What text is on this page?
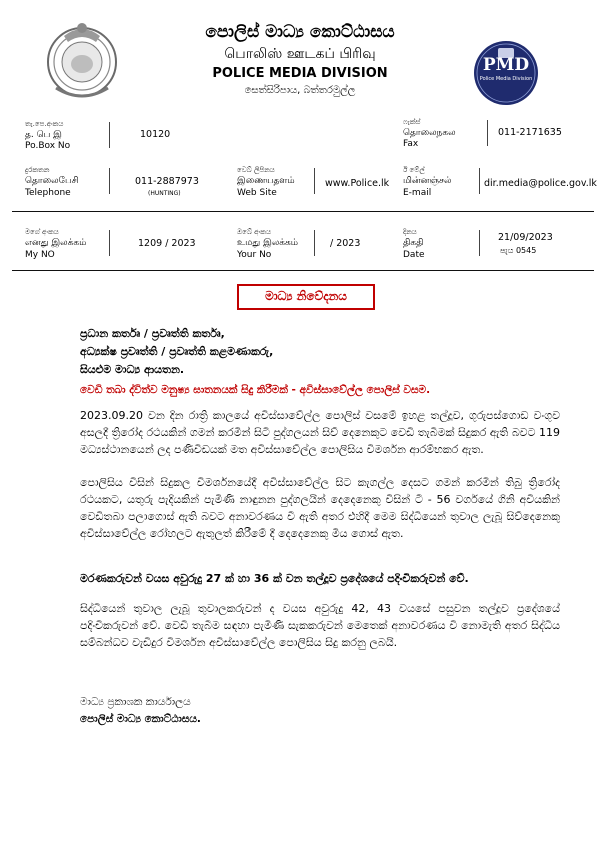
පොලිස් මාධ්‍ය කොට්ඨාසය
பொலிஸ் ஊடகப் பிரிவு
POLICE MEDIA DIVISION
සෙත්සිරිපාය, බත්තරමුල්ල
PMD
Police Media Division
තැ.පෙ.අංකය
த. பெ இ
Po.Box No
10120
ෆැක්ස්
தொலைநகல
Fax
011-2171635
දුරකතන
தொலைபேசி
Telephone
011-2887973
(HUNTING)
වෙබ් ලිපිනය
இணையதளம்
Web Site
www.Police.lk
ඊ මේල්
மின்னஞ்சல்
E-mail
dir.media@police.gov.lk
මගේ අංකය
எனது இலக்கம்
My NO
1209 / 2023
ඔබේ අංකය
உமது இலக்கம்
Your No
/ 2023
දිනය
திகதி
Date
21/09/2023
පැය 0545
මාධ්‍ය නිවේදනය
ප්‍රධාන කර්තෘ / ප්‍රවෘත්ති කර්තෘ,
අධ්‍යක්ෂ ප්‍රවෘත්ති / ප්‍රවෘත්ති කළමණාකරු,
සියළුම මාධ්‍ය ආයතන.
වෙඩි තබා ද්විත්ව මනුෂ්‍ය ඝාතනයක් සිදු කිරීමක් - අවිස්සාවේල්ල පොලිස් වසම.
2023.09.20 වන දින රාත්‍රි කාලයේ අවිස්සාවේල්ල පොලිස් වසමේ ඉහළ තල්දූව, ගුරුපස්ගොඩ වංගුව අසලදී ත්‍රිරෝද රථයකින් ගමන් කරමින් සිටි පුද්ගලයන් සිව් දෙනෙකුට වෙඩි තැබීමක් සිදුකර ඇති බවට 119 මධ්‍යස්ථානයෙන් ලද පණිවිඩයක් මත අවිස්සාවේල්ල පොලිසිය විමර්ශන ආරම්භකර ඇත.
පොලිසිය විසින් සිදුකල විමර්ශනයේදී අවිස්සාවේල්ල සිට කැගල්ල දෙසට ගමන් කරමින් තිබු ත්‍රිරෝද රථයකට, යතුරු පැදියකින් පැමිණි නාඳුනන පුද්ගලයින් දෙදෙනෙකු විසින් ටී - 56 වර්ගයේ ගිනි අවියකින් වෙඩිතබා පලාගොස් ඇති බවට අනාවරණය වී ඇති අතර එහිදී මෙම සිද්ධියෙන් තුවාල ලැබූ සිව්දෙනෙකු අවිස්සාවේල්ල රෝහලට ඇතුලත් කිරීමේ දී දෙදෙනෙකු මිය ගොස් ඇත.
මරණකරුවන් වයස අවුරුදු 27 ක් හා 36 ක් වන තල්දූව ප්‍රදේශයේ පදිංචිකරුවන් වේ.
සිද්ධියෙන් තුවාල ලැබූ තුවාලකරුවන් ද වයස අවුරුදු 42, 43 වයසේ පසුවන තල්දූව ප්‍රදේශයේ පදිංචිකරුවන් වේ. වෙඩි තැබීම සඳහා පැමිණි සැකකරුවන් මෙතෙක් අනාවරණය වී නොමැති අතර සිද්ධිය සම්බන්ධව වැඩිදුර විමර්ශන අවිස්සාවේල්ල පොලිසිය සිදු කරනු ලබයි.
මාධ්‍ය ප්‍රකාශක කාර්යාලය
පොලිස් මාධ්‍ය කොට්ඨාසය.
